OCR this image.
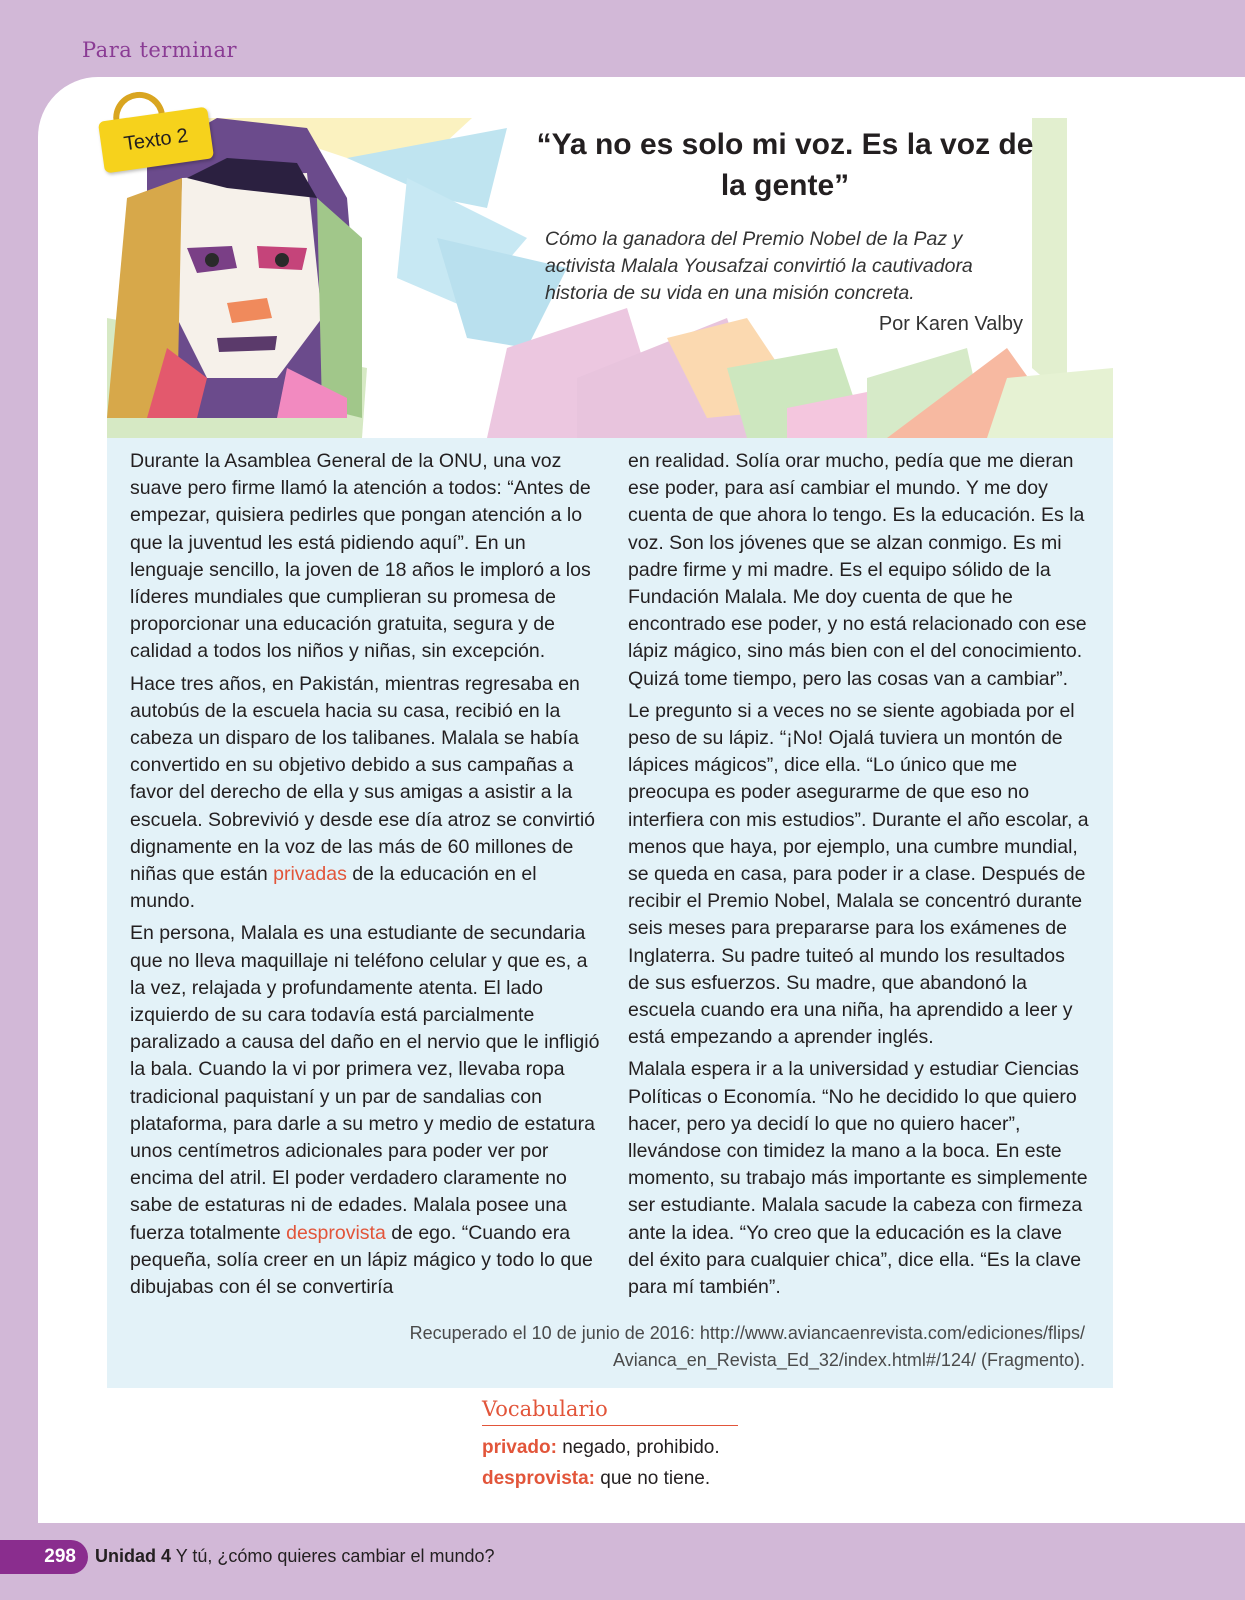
Para terminar
Texto 2	“Ya no es solo mi voz. Es la voz de la gente”
Cómo la ganadora del Premio Nobel de la Paz y activista Malala Yousafzai convirtió la cautivadora historia de su vida en una misión concreta.
Por Karen Valby

Durante la Asamblea General de la ONU, una voz suave pero firme llamó la atención a todos: “Antes de empezar, quisiera pedirles que pongan atención a lo que la juventud les está pidiendo aquí”. En un lenguaje sencillo, la joven de 18 años le imploró a los líderes mundiales que cumplieran su promesa de proporcionar una educación gratuita, segura y de calidad a todos los niños y niñas, sin excepción.

Hace tres años, en Pakistán, mientras regresaba en autobús de la escuela hacia su casa, recibió en la cabeza un disparo de los talibanes. Malala se había convertido en su objetivo debido a sus campañas a favor del derecho de ella y sus amigas a asistir a la escuela. Sobrevivió y desde ese día atroz se convirtió dignamente en la voz de las más de 60 millones de niñas que están privadas de la educación en el mundo.

En persona, Malala es una estudiante de secundaria que no lleva maquillaje ni teléfono celular y que es, a la vez, relajada y profundamente atenta. El lado izquierdo de su cara todavía está parcialmente paralizado a causa del daño en el nervio que le infligió la bala. Cuando la vi por primera vez, llevaba ropa tradicional paquistaní y un par de sandalias con plataforma, para darle a su metro y medio de estatura unos centímetros adicionales para poder ver por encima del atril. El poder verdadero claramente no sabe de estaturas ni de edades. Malala posee una fuerza totalmente desprovista de ego. “Cuando era pequeña, solía creer en un lápiz mágico y todo lo que dibujabas con él se convertiría

en realidad. Solía orar mucho, pedía que me dieran ese poder, para así cambiar el mundo. Y me doy cuenta de que ahora lo tengo. Es la educación. Es la voz. Son los jóvenes que se alzan conmigo. Es mi padre firme y mi madre. Es el equipo sólido de la Fundación Malala. Me doy cuenta de que he encontrado ese poder, y no está relacionado con ese lápiz mágico, sino más bien con el del conocimiento. Quizá tome tiempo, pero las cosas van a cambiar”.

Le pregunto si a veces no se siente agobiada por el peso de su lápiz. “¡No! Ojalá tuviera un montón de lápices mágicos”, dice ella. “Lo único que me preocupa es poder asegurarme de que eso no interfiera con mis estudios”. Durante el año escolar, a menos que haya, por ejemplo, una cumbre mundial, se queda en casa, para poder ir a clase. Después de recibir el Premio Nobel, Malala se concentró durante seis meses para prepararse para los exámenes de Inglaterra. Su padre tuiteó al mundo los resultados de sus esfuerzos. Su madre, que abandonó la escuela cuando era una niña, ha aprendido a leer y está empezando a aprender inglés.

Malala espera ir a la universidad y estudiar Ciencias Políticas o Economía. “No he decidido lo que quiero hacer, pero ya decidí lo que no quiero hacer”, llevándose con timidez la mano a la boca. En este momento, su trabajo más importante es simplemente ser estudiante. Malala sacude la cabeza con firmeza ante la idea. “Yo creo que la educación es la clave del éxito para cualquier chica”, dice ella. “Es la clave para mí también”.

Recuperado el 10 de junio de 2016: http://www.aviancaenrevista.com/ediciones/flips/
Avianca_en_Revista_Ed_32/index.html#/124/ (Fragmento).
Vocabulario
privado: negado, prohibido.
desprovista: que no tiene.
298	Unidad 4 Y tú, ¿cómo quieres cambiar el mundo?
